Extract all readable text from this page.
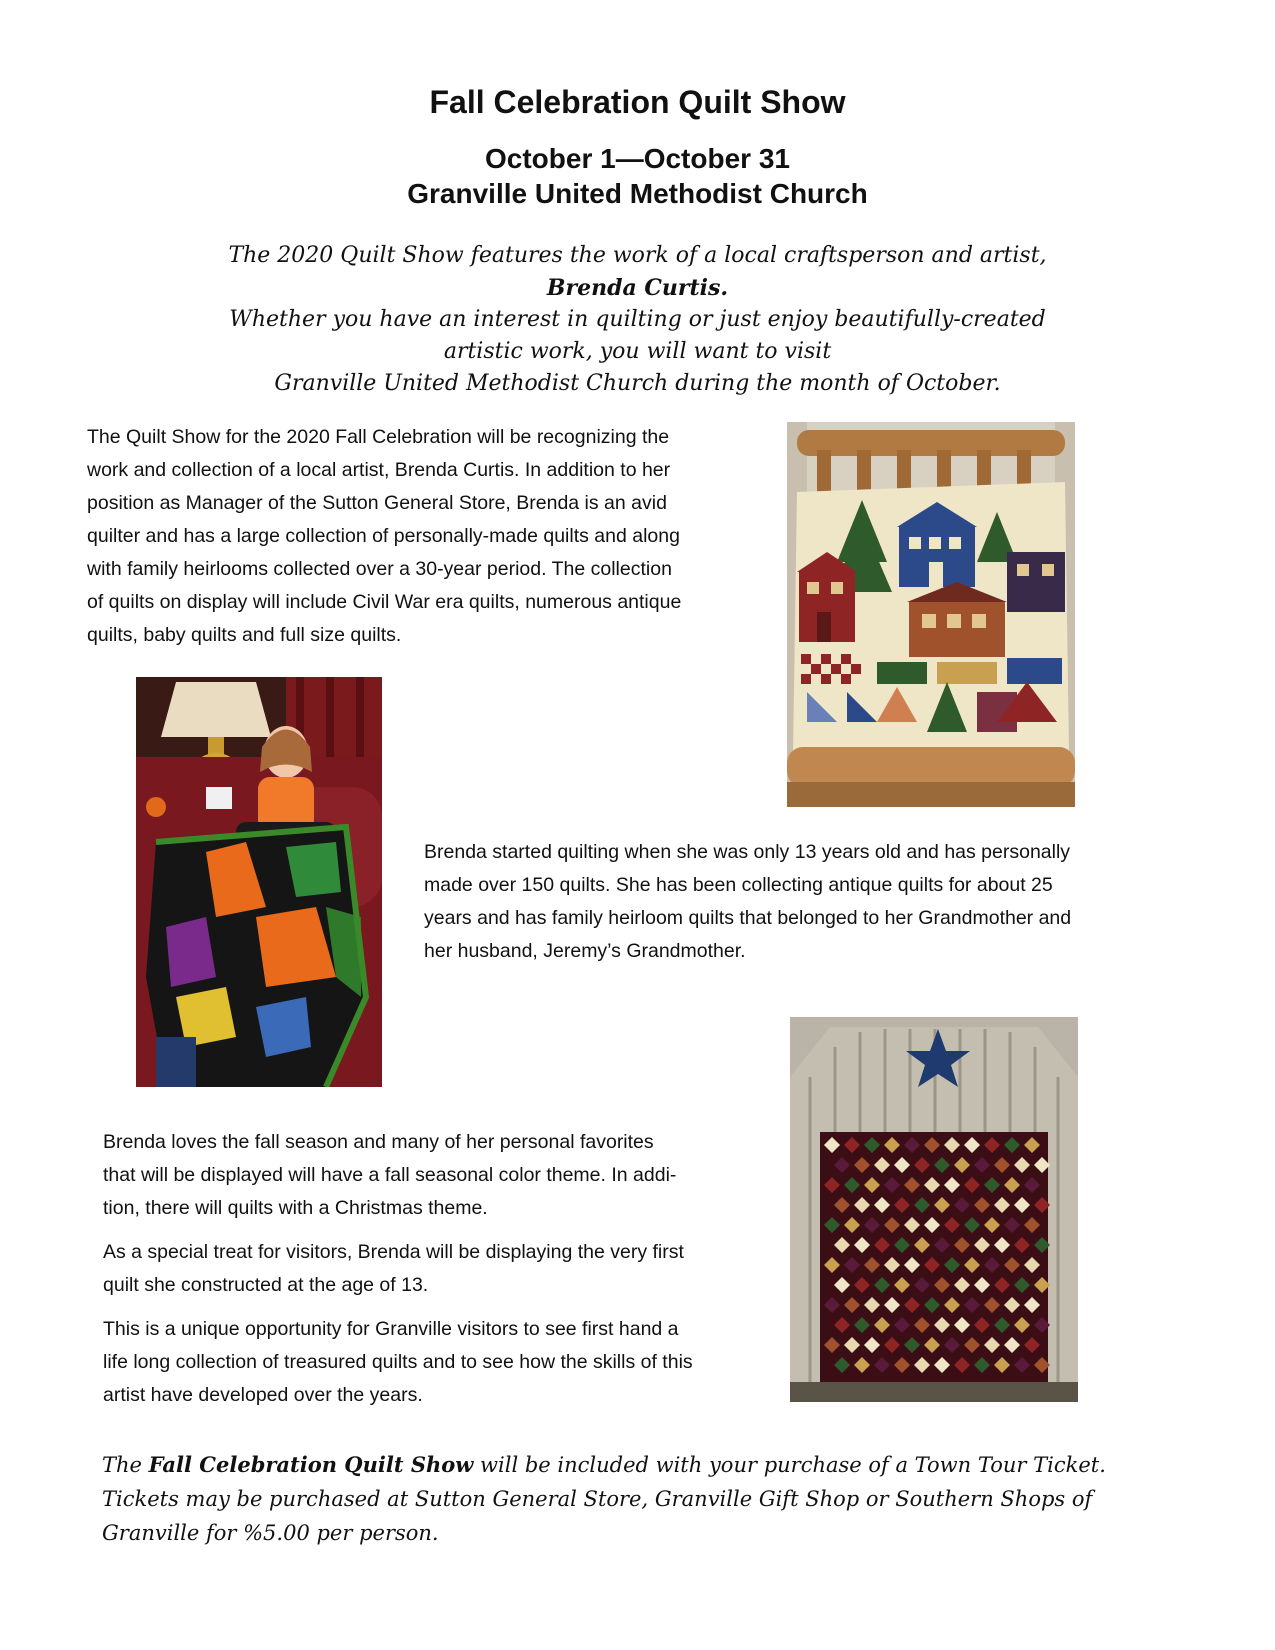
Fall Celebration Quilt Show
October 1—October 31
Granville United Methodist Church
The 2020 Quilt Show features the work of a local craftsperson and artist,
Brenda Curtis.
Whether you have an interest in quilting or just enjoy beautifully-created
artistic work, you will want to visit
Granville United Methodist Church during the month of October.
The Quilt Show for the 2020 Fall Celebration will be recognizing the
work and collection of a local artist, Brenda Curtis. In addition to her
position as Manager of the Sutton General Store, Brenda is an avid
quilter and has a large collection of personally-made quilts and along
with family heirlooms collected over a 30-year period. The collection
of quilts on display will include Civil War era quilts, numerous antique
quilts, baby quilts and full size quilts.
Brenda started quilting when she was only 13 years old and has personally
made over 150 quilts. She has been collecting antique quilts for about 25
years and has family heirloom quilts that belonged to her Grandmother and
her husband, Jeremy’s Grandmother.
Brenda loves the fall season and many of her personal favorites
that will be displayed will have a fall seasonal color theme. In addi-
tion, there will quilts with a Christmas theme.
As a special treat for visitors, Brenda will be displaying the very first
quilt she constructed at the age of 13.
This is a unique opportunity for Granville visitors to see first hand a
life long collection of treasured quilts and to see how the skills of this
artist have developed over the years.
The Fall Celebration Quilt Show will be included with your purchase of a Town Tour Ticket.
Tickets may be purchased at Sutton General Store, Granville Gift Shop or Southern Shops of
Granville for %5.00 per person.
